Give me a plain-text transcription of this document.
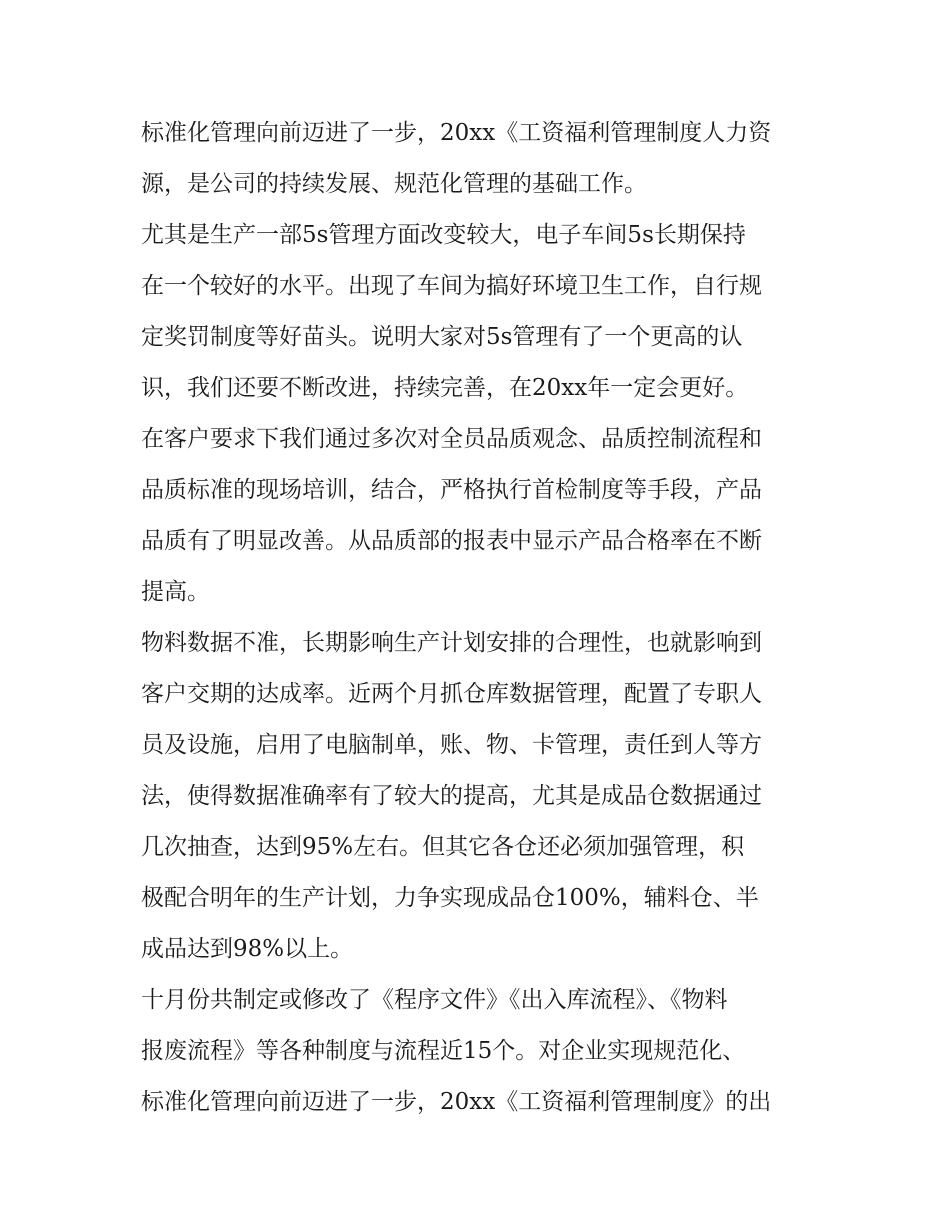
标准化管理向前迈进了一步，20xx《工资福利管理制度人力资
源，是公司的持续发展、规范化管理的基础工作。
尤其是生产一部5s管理方面改变较大，电子车间5s长期保持
在一个较好的水平。出现了车间为搞好环境卫生工作，自行规
定奖罚制度等好苗头。说明大家对5s管理有了一个更高的认
识，我们还要不断改进，持续完善，在20xx年一定会更好。
在客户要求下我们通过多次对全员品质观念、品质控制流程和
品质标准的现场培训，结合，严格执行首检制度等手段，产品
品质有了明显改善。从品质部的报表中显示产品合格率在不断
提高。
物料数据不准，长期影响生产计划安排的合理性，也就影响到
客户交期的达成率。近两个月抓仓库数据管理，配置了专职人
员及设施，启用了电脑制单，账、物、卡管理，责任到人等方
法，使得数据准确率有了较大的提高，尤其是成品仓数据通过
几次抽查，达到95%左右。但其它各仓还必须加强管理，积
极配合明年的生产计划，力争实现成品仓100%，辅料仓、半
成品达到98%以上。
十月份共制定或修改了《程序文件》《出入库流程》、《物料
报废流程》等各种制度与流程近15个。对企业实现规范化、
标准化管理向前迈进了一步，20xx《工资福利管理制度》的出
